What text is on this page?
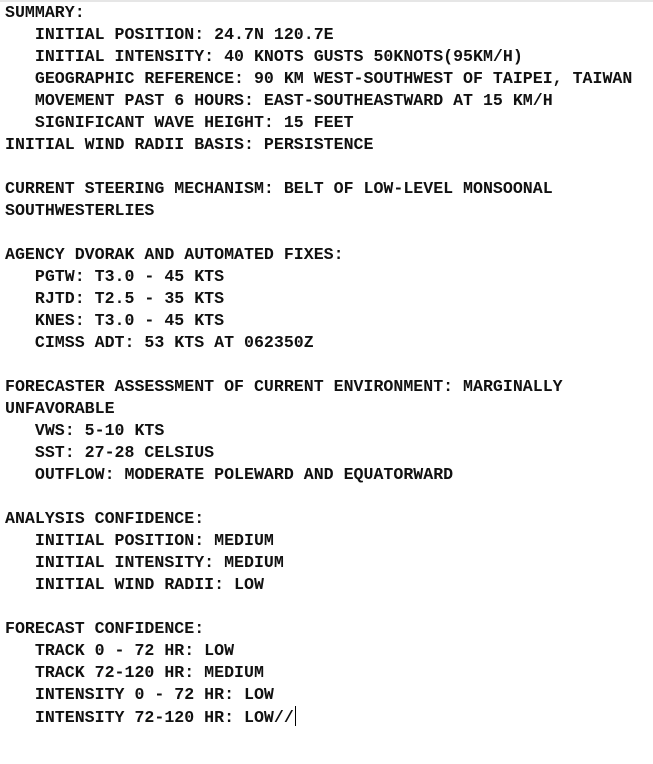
SUMMARY:
INITIAL POSITION: 24.7N 120.7E
INITIAL INTENSITY: 40 KNOTS GUSTS 50KNOTS(95KM/H)
GEOGRAPHIC REFERENCE: 90 KM WEST-SOUTHWEST OF TAIPEI, TAIWAN
MOVEMENT PAST 6 HOURS: EAST-SOUTHEASTWARD AT 15 KM/H
SIGNIFICANT WAVE HEIGHT: 15 FEET
INITIAL WIND RADII BASIS: PERSISTENCE
CURRENT STEERING MECHANISM: BELT OF LOW-LEVEL MONSOONAL
SOUTHWESTERLIES
AGENCY DVORAK AND AUTOMATED FIXES:
PGTW: T3.0 - 45 KTS
RJTD: T2.5 - 35 KTS
KNES: T3.0 - 45 KTS
CIMSS ADT: 53 KTS AT 062350Z
FORECASTER ASSESSMENT OF CURRENT ENVIRONMENT: MARGINALLY
UNFAVORABLE
VWS: 5-10 KTS
SST: 27-28 CELSIUS
OUTFLOW: MODERATE POLEWARD AND EQUATORWARD
ANALYSIS CONFIDENCE:
INITIAL POSITION: MEDIUM
INITIAL INTENSITY: MEDIUM
INITIAL WIND RADII: LOW
FORECAST CONFIDENCE:
TRACK 0 - 72 HR: LOW
TRACK 72-120 HR: MEDIUM
INTENSITY 0 - 72 HR: LOW
INTENSITY 72-120 HR: LOW//
